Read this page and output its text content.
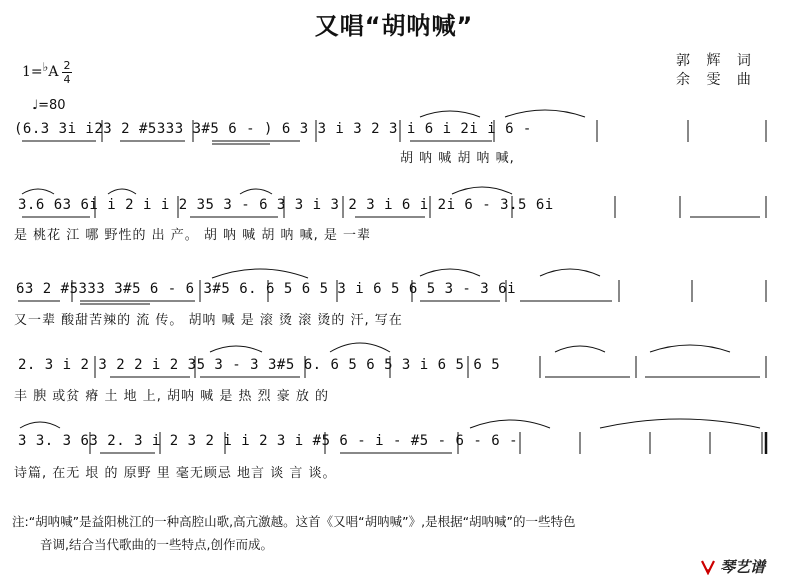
又唱“胡呐喊”
郭 辉 词
余 雯 曲
1=♭A 2
4
♩=80
(6.3 3i i23 2 #5333 3#5 6 - ) 6 3 3 i 3 2 3 i 6 i 2i i 6 -
胡 呐 喊 胡 呐 喊,
3.6 63 6i i 2 i i 2 35 3 - 6 3 3 i 3 2 3 i 6 i 2i 6 - 3.5 6i
是 桃花 江 哪 野性的 出 产。 胡 呐 喊 胡 呐 喊, 是 一辈
63 2 #5333 3#5 6 - 6 3#5 6. 6 5 6 5 3 i 6 5 6 5 3 - 3 6i
又一辈 酸甜苦辣的 流 传。 胡呐 喊 是 滚 烫 滚 烫的 汗, 写在
2. 3 i 2 3 2 2 i 2 35 3 - 3 3#5 6. 6 5 6 5 3 i 6 5 6 5
丰 腴 或贫 瘠 土 地 上, 胡呐 喊 是 热 烈 豪 放 的
3 3. 3 63 2. 3 i 2 3 2 i i 2 3 i #5 6 - i - #5 - 6 - 6 -
诗篇, 在无 垠 的 原野 里 毫无顾忌 地言 谈 言 谈。
注:“胡呐喊”是益阳桃江的一种高腔山歌,高亢激越。这首《又唱“胡呐喊”》,是根据“胡呐喊”的一些特色
音调,结合当代歌曲的一些特点,创作而成。
琴艺谱
